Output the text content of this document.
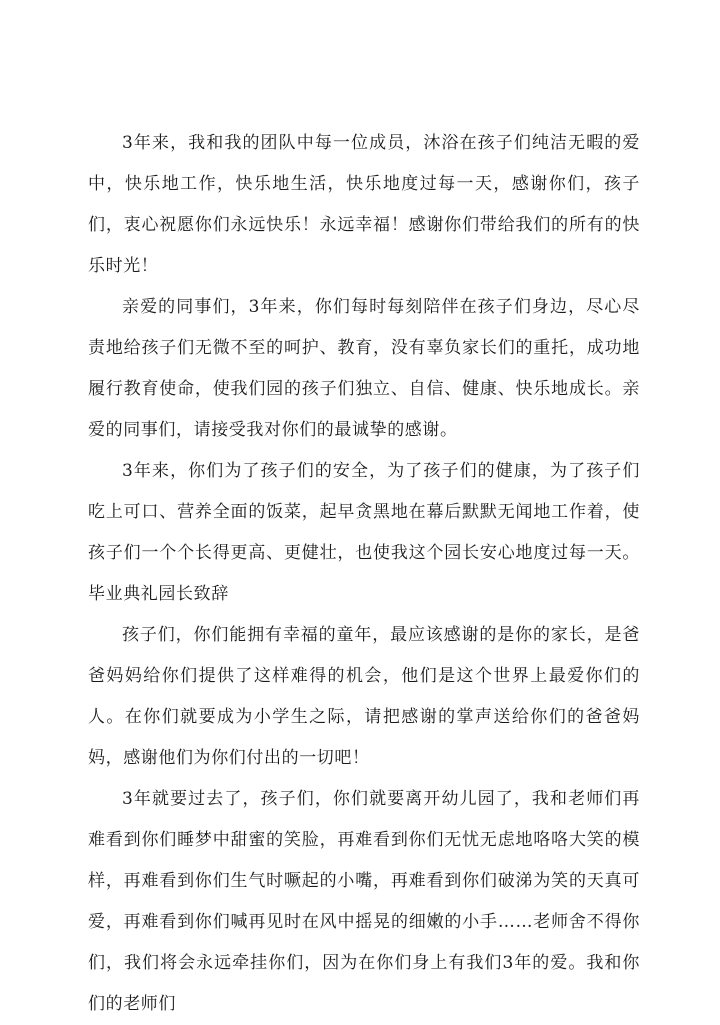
3年来，我和我的团队中每一位成员，沐浴在孩子们纯洁无暇的爱中，快乐地工作，快乐地生活，快乐地度过每一天，感谢你们，孩子们，衷心祝愿你们永远快乐！永远幸福！感谢你们带给我们的所有的快乐时光！

亲爱的同事们，3年来，你们每时每刻陪伴在孩子们身边，尽心尽责地给孩子们无微不至的呵护、教育，没有辜负家长们的重托，成功地履行教育使命，使我们园的孩子们独立、自信、健康、快乐地成长。亲爱的同事们，请接受我对你们的最诚挚的感谢。

3年来，你们为了孩子们的安全，为了孩子们的健康，为了孩子们吃上可口、营养全面的饭菜，起早贪黑地在幕后默默无闻地工作着，使孩子们一个个长得更高、更健壮，也使我这个园长安心地度过每一天。毕业典礼园长致辞

孩子们，你们能拥有幸福的童年，最应该感谢的是你的家长，是爸爸妈妈给你们提供了这样难得的机会，他们是这个世界上最爱你们的人。在你们就要成为小学生之际，请把感谢的掌声送给你们的爸爸妈妈，感谢他们为你们付出的一切吧！

3年就要过去了，孩子们，你们就要离开幼儿园了，我和老师们再难看到你们睡梦中甜蜜的笑脸，再难看到你们无忧无虑地咯咯大笑的模样，再难看到你们生气时噘起的小嘴，再难看到你们破涕为笑的天真可爱，再难看到你们喊再见时在风中摇晃的细嫩的小手……老师舍不得你们，我们将会永远牵挂你们，因为在你们身上有我们3年的爱。我和你们的老师们
